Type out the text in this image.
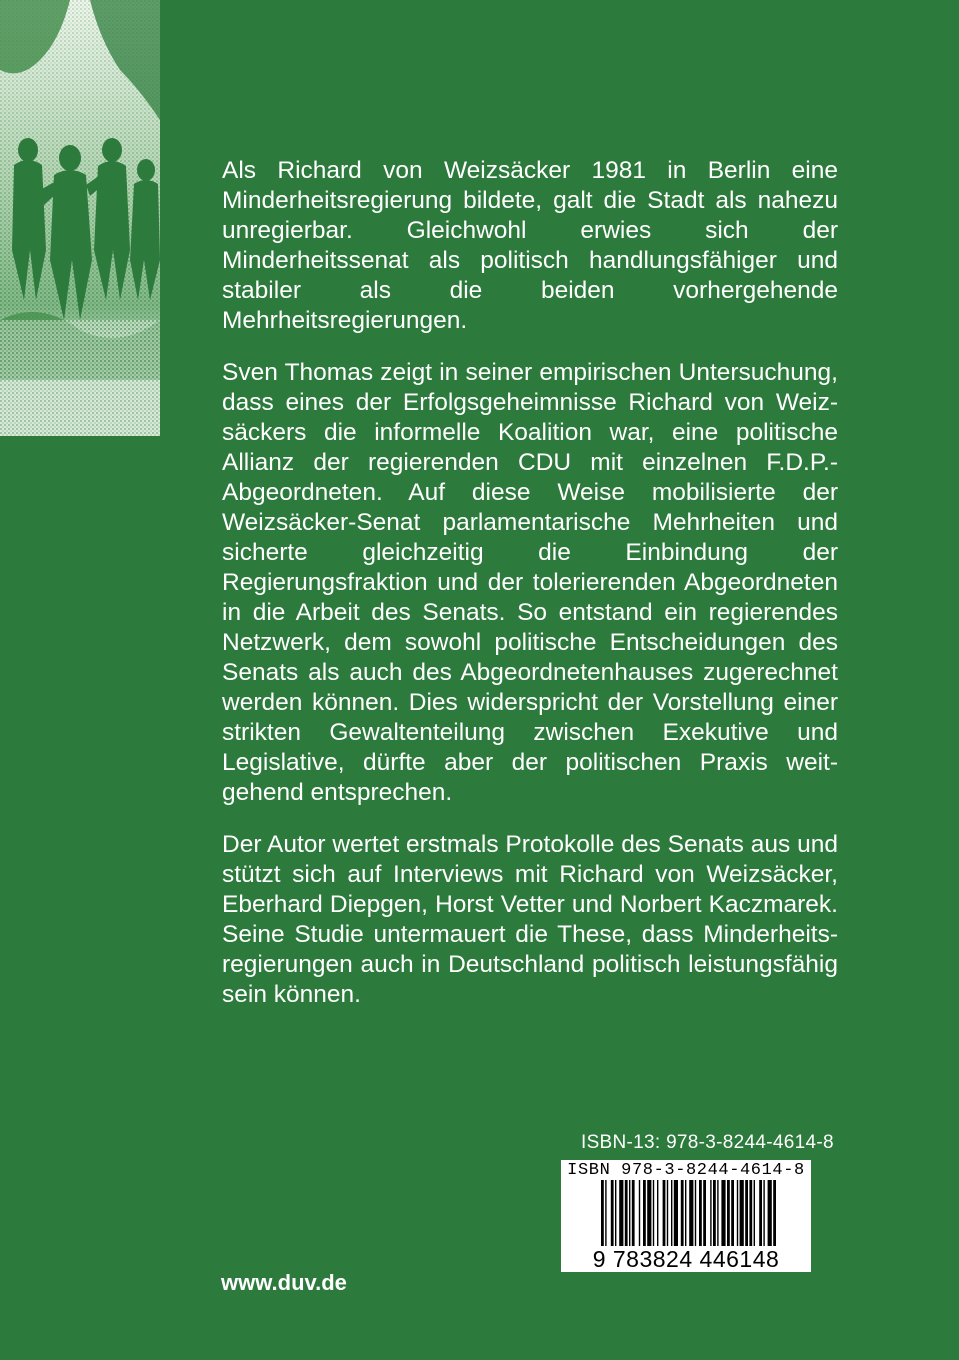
Als Richard von Weizsäcker 1981 in Berlin eine Minderheitsregierung bildete, galt die Stadt als nahezu unregierbar. Gleichwohl erwies sich der Minderheitssenat als politisch handlungsfähiger und stabiler als die beiden vorhergehende Mehrheitsregierungen.

Sven Thomas zeigt in seiner empirischen Untersuchung, dass eines der Erfolgsgeheimnisse Richard von Weizsäckers die informelle Koalition war, eine politische Allianz der regierenden CDU mit einzelnen F.D.P.-Abgeordneten. Auf diese Weise mobilisierte der Weizsäcker-Senat parlamentarische Mehrheiten und sicherte gleichzeitig die Einbindung der Regierungsfraktion und der tolerierenden Abgeordneten in die Arbeit des Senats. So entstand ein regierendes Netzwerk, dem sowohl politische Entscheidungen des Senats als auch des Abgeordnetenhauses zugerechnet werden können. Dies widerspricht der Vorstellung einer strikten Gewaltenteilung zwischen Exekutive und Legislative, dürfte aber der politischen Praxis weitgehend entsprechen.

Der Autor wertet erstmals Protokolle des Senats aus und stützt sich auf Interviews mit Richard von Weizsäcker, Eberhard Diepgen, Horst Vetter und Norbert Kaczmarek. Seine Studie untermauert die These, dass Minderheitsregierungen auch in Deutschland politisch leistungsfähig sein können.

ISBN-13: 978-3-8244-4614-8
ISBN 978-3-8244-4614-8
9 783824 446148
www.duv.de
